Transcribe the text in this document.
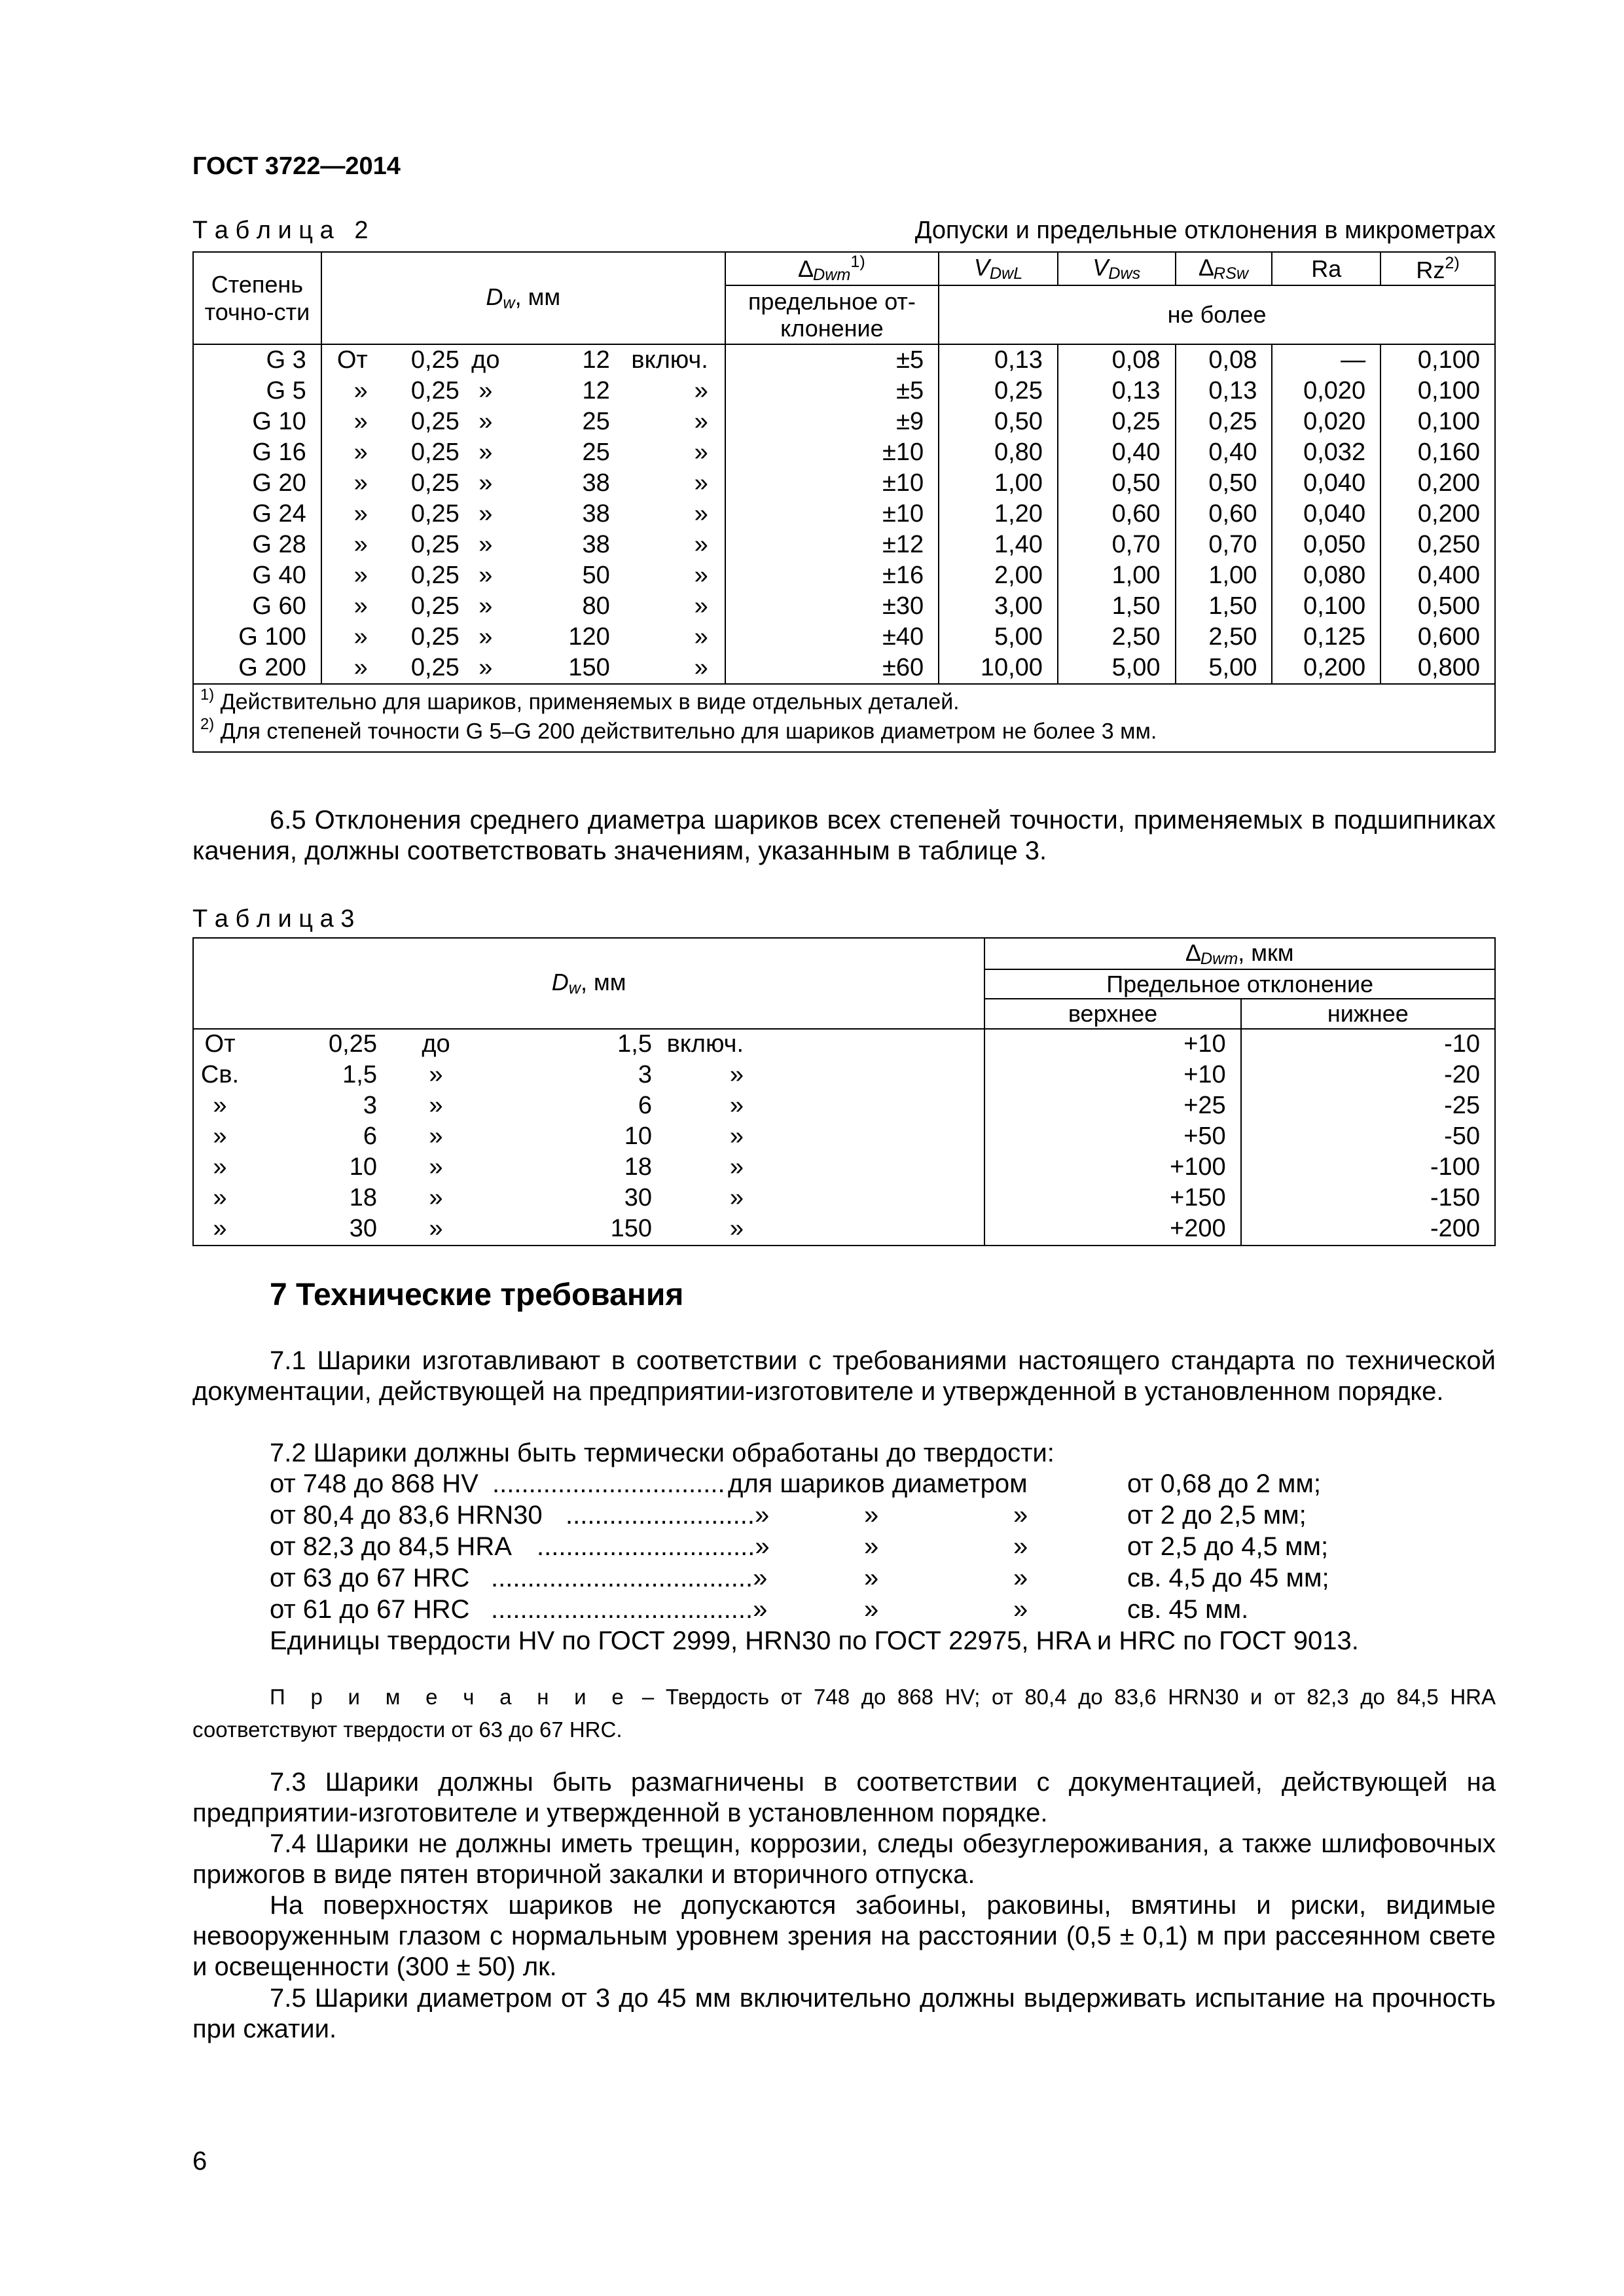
ГОСТ 3722—2014
Т а б л и ц а   2	Допуски и предельные отклонения в микрометрах
Степень точно-сти	$D_w$, мм	$\Delta_{Dwm}^{1)}$	$V_{DwL}$	$V_{Dws}$	$\Delta_{RSw}$	Ra	Rz$^{2)}$
		предельное от-клонение	не более				
G 3	От 0,25 до 12 включ.	±5	0,13	0,08	0,08	—	0,100
G 5	» 0,25 » 12 »	±5	0,25	0,13	0,13	0,020	0,100
G 10	» 0,25 » 25 »	±9	0,50	0,25	0,25	0,020	0,100
G 16	» 0,25 » 25 »	±10	0,80	0,40	0,40	0,032	0,160
G 20	» 0,25 » 38 »	±10	1,00	0,50	0,50	0,040	0,200
G 24	» 0,25 » 38 »	±10	1,20	0,60	0,60	0,040	0,200
G 28	» 0,25 » 38 »	±12	1,40	0,70	0,70	0,050	0,250
G 40	» 0,25 » 50 »	±16	2,00	1,00	1,00	0,080	0,400
G 60	» 0,25 » 80 »	±30	3,00	1,50	1,50	0,100	0,500
G 100	» 0,25 » 120 »	±40	5,00	2,50	2,50	0,125	0,600
G 200	» 0,25 » 150 »	±60	10,00	5,00	5,00	0,200	0,800

$^{1)}$ Действительно для шариков, применяемых в виде отдельных деталей.
$^{2)}$ Для степеней точности G 5–G 200 действительно для шариков диаметром не более 3 мм.							
6.5 Отклонения среднего диаметра шариков всех степеней точности, применяемых в подшипниках качения, должны соответствовать значениям, указанным в таблице 3.
Т а б л и ц а 3
$D_w$, мм	$\Delta_{Dwm}$, мкм	
	Предельное отклонение	
	верхнее	нижнее

От 0,25 до 1,5 включ.	+10	-10

Св. 1,5 » 3 »	+10	-20

» 3 » 6 »	+25	-25

» 6 » 10 »	+50	-50

» 10 » 18 »	+100	-100

» 18 » 30 »	+150	-150

» 30 » 150 »	+200	-200
7 Технические требования
7.1 Шарики изготавливают в соответствии с требованиями настоящего стандарта по технической документации, действующей на предприятии-изготовителе и утвержденной в установленном порядке.
7.2 Шарики должны быть термически обработаны до твердости:
от 748 до 868 HV ................................ для шариков диаметром	от 0,68 до 2 мм;
от 80,4 до 83,6 HRN30 ..........................»	»	»	от 2 до 2,5 мм;
от 82,3 до 84,5 HRA ..............................»	»	»	от 2,5 до 4,5 мм;
от 63 до 67 HRC ....................................»	»	»	св. 4,5 до 45 мм;
от 61 до 67 HRC ....................................»	»	»	св. 45 мм.
Единицы твердости HV по ГОСТ 2999, HRN30 по ГОСТ 22975, HRA и HRC по ГОСТ 9013.
П р и м е ч а н и е – Твердость от 748 до 868 HV; от 80,4 до 83,6 HRN30 и от 82,3 до 84,5 HRA соответствуют твердости от 63 до 67 HRC.
7.3 Шарики должны быть размагничены в соответствии с документацией, действующей на предприятии-изготовителе и утвержденной в установленном порядке.
7.4 Шарики не должны иметь трещин, коррозии, следы обезуглероживания, а также шлифовочных прижогов в виде пятен вторичной закалки и вторичного отпуска.
На поверхностях шариков не допускаются забоины, раковины, вмятины и риски, видимые невооруженным глазом с нормальным уровнем зрения на расстоянии (0,5 ± 0,1) м при рассеянном свете и освещенности (300 ± 50) лк.
7.5 Шарики диаметром от 3 до 45 мм включительно должны выдерживать испытание на прочность при сжатии.
6
